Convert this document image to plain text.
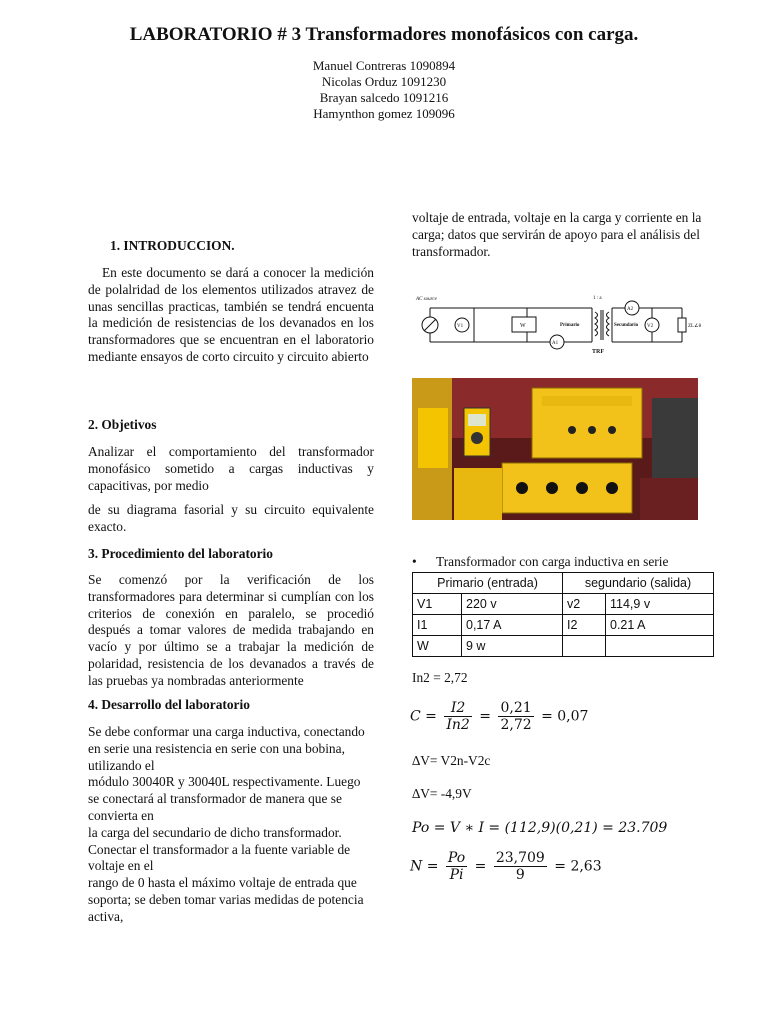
LABORATORIO # 3 Transformadores monofásicos con carga.
Manuel Contreras 1090894
Nicolas Orduz 1091230
Brayan salcedo 1091216
Hamynthon gomez 109096
1. INTRODUCCION.
En este documento se dará a conocer la medición de polalridad de los elementos utilizados atravez de unas sencillas practicas, también se tendrá encuenta la medición de resistencias de los devanados en los transformadores que se encuentran en el laboratorio mediante ensayos de corto circuito y circuito abierto
2. Objetivos
Analizar el comportamiento del transformador monofásico sometido a cargas inductivas y capacitivas, por medio
de su diagrama fasorial y su circuito equivalente exacto.
3. Procedimiento del laboratorio
Se comenzó por la verificación de los transformadores para determinar si cumplían con los criterios de conexión en paralelo, se procedió después a tomar valores de medida trabajando en vacío y por último se a trabajar la medición de polaridad, resistencia de los devanados a través de las pruebas ya nombradas anteriormente
4. Desarrollo del laboratorio

Se debe conformar una carga inductiva, conectando en serie una resistencia en serie con una bobina, utilizando el

módulo 30040R y 30040L respectivamente. Luego se conectará al transformador de manera que se convierta en

la carga del secundario de dicho transformador. Conectar el transformador a la fuente variable de voltaje en el

rango de 0 hasta el máximo voltaje de entrada que soporta; se deben tomar varias medidas de potencia activa,

voltaje de entrada, voltaje en la carga y corriente en la carga; datos que servirán de apoyo para el análisis del

transformador.

AC source	1 : a
V1	W
A1
Primario	Secundario
A2
V2
TRF
ZL∠θ
• Transformador con carga inductiva en serie
Primario (entrada)		segundario (salida)	
V1	220 v	v2	114,9 v
I1	0,17 A	I2	0.21 A
W	9 w		
In2 = 2,72
$C = \frac{I2}{In2} = \frac{0,21}{2,72} = 0,07$
∆V= V2n-V2c
∆V= -4,9V
Po = V ∗ I = (112,9)(0,21) = 23.709
$N = \frac{Po}{Pi} = \frac{23,709}{9} = 2,63$
